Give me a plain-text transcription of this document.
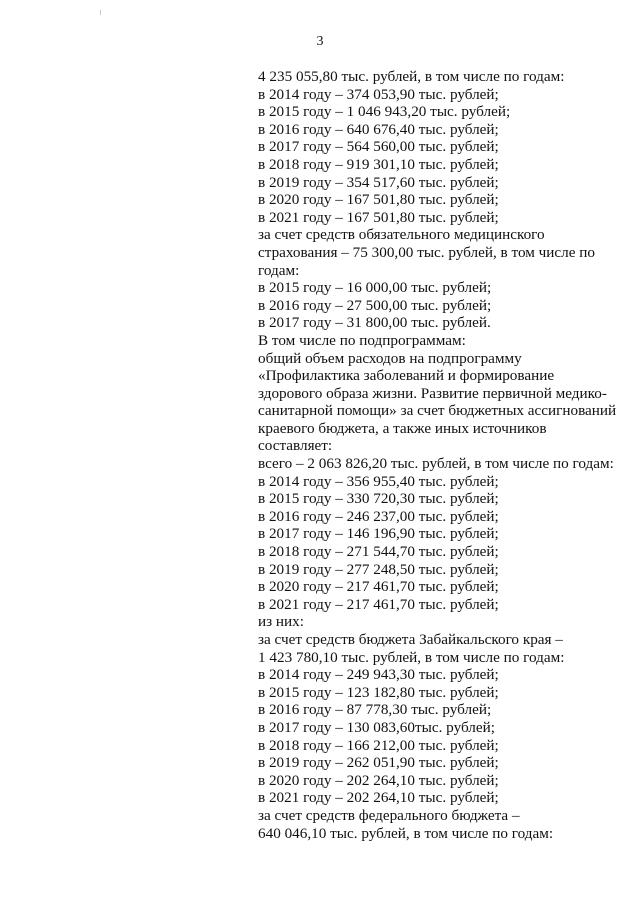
3
4 235 055,80 тыс. рублей, в том числе по годам:
в 2014 году – 374 053,90 тыс. рублей;
в 2015 году – 1 046 943,20 тыс. рублей;
в 2016 году – 640 676,40 тыс. рублей;
в 2017 году – 564 560,00 тыс. рублей;
в 2018 году – 919 301,10 тыс. рублей;
в 2019 году – 354 517,60 тыс. рублей;
в 2020 году – 167 501,80 тыс. рублей;
в 2021 году – 167 501,80 тыс. рублей;
за счет средств обязательного медицинского
страхования – 75 300,00 тыс. рублей, в том числе по
годам:
в 2015 году – 16 000,00 тыс. рублей;
в 2016 году – 27 500,00 тыс. рублей;
в 2017 году – 31 800,00 тыс. рублей.
В том числе по подпрограммам:
общий объем расходов на подпрограмму
«Профилактика заболеваний и формирование
здорового образа жизни. Развитие первичной медико-
санитарной помощи» за счет бюджетных ассигнований
краевого бюджета, а также иных источников
составляет:
всего – 2 063 826,20 тыс. рублей, в том числе по годам:
в 2014 году – 356 955,40 тыс. рублей;
в 2015 году – 330 720,30 тыс. рублей;
в 2016 году – 246 237,00 тыс. рублей;
в 2017 году – 146 196,90 тыс. рублей;
в 2018 году – 271 544,70 тыс. рублей;
в 2019 году – 277 248,50 тыс. рублей;
в 2020 году – 217 461,70 тыс. рублей;
в 2021 году – 217 461,70 тыс. рублей;
из них:
за счет средств бюджета Забайкальского края –
1 423 780,10 тыс. рублей, в том числе по годам:
в 2014 году – 249 943,30 тыс. рублей;
в 2015 году – 123 182,80 тыс. рублей;
в 2016 году – 87 778,30 тыс. рублей;
в 2017 году – 130 083,60тыс. рублей;
в 2018 году – 166 212,00 тыс. рублей;
в 2019 году – 262 051,90 тыс. рублей;
в 2020 году – 202 264,10 тыс. рублей;
в 2021 году – 202 264,10 тыс. рублей;
за счет средств федерального бюджета –
640 046,10 тыс. рублей, в том числе по годам:
